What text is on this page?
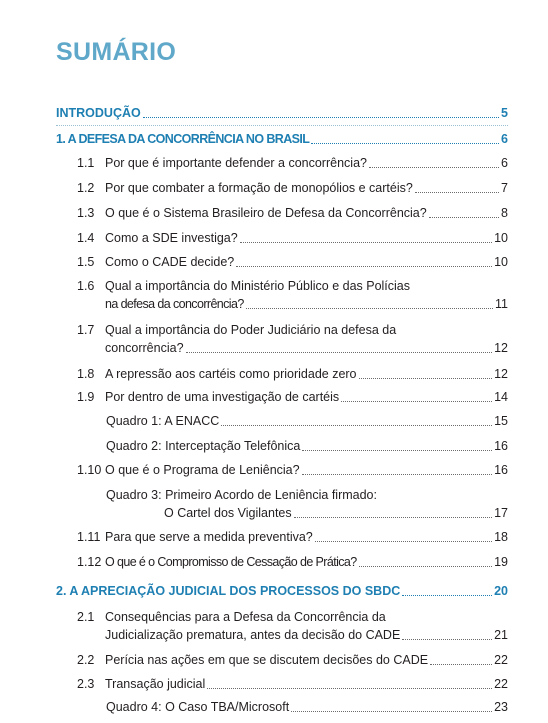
SUMÁRIO
INTRODUÇÃO	5
1. A DEFESA DA CONCORRÊNCIA NO BRASIL	6
1.1 Por que é importante defender a concorrência?	6
1.2 Por que combater a formação de monopólios e cartéis?	7
1.3 O que é o Sistema Brasileiro de Defesa da Concorrência?	8
1.4 Como a SDE investiga?	10
1.5 Como o CADE decide?	10
1.6 Qual a importância do Ministério Público e das Polícias
na defesa da concorrência?	11
1.7 Qual a importância do Poder Judiciário na defesa da
concorrência?	12
1.8 A repressão aos cartéis como prioridade zero	12
1.9 Por dentro de uma investigação de cartéis	14
Quadro 1: A ENACC	15
Quadro 2: Interceptação Telefônica	16
1.10 O que é o Programa de Leniência?	16
Quadro 3: Primeiro Acordo de Leniência firmado:
O Cartel dos Vigilantes	17
1.11 Para que serve a medida preventiva?	18
1.12 O que é o Compromisso de Cessação de Prática?	19
2. A APRECIAÇÃO JUDICIAL DOS PROCESSOS DO SBDC	20
2.1 Consequências para a Defesa da Concorrência da
Judicialização prematura, antes da decisão do CADE	21
2.2 Perícia nas ações em que se discutem decisões do CADE	22
2.3 Transação judicial	22
Quadro 4: O Caso TBA/Microsoft	23
